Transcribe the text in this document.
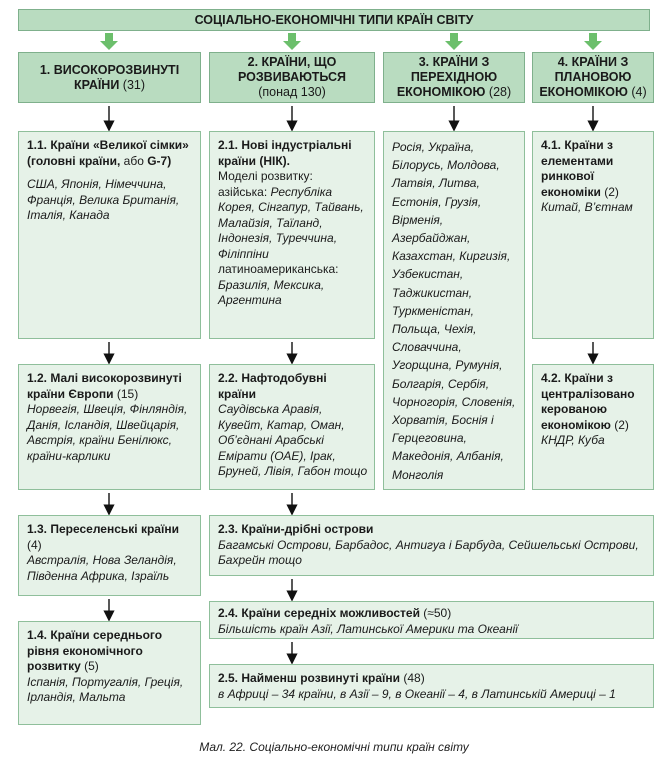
СОЦІАЛЬНО-ЕКОНОМІЧНІ ТИПИ КРАЇН СВІТУ
1. ВИСОКОРОЗВИНУТІ КРАЇНИ (31)
2. КРАЇНИ, ЩО РОЗВИВАЮТЬСЯ
(понад 130)
3. КРАЇНИ З ПЕРЕХІДНОЮ ЕКОНОМІКОЮ (28)
4. КРАЇНИ З ПЛАНОВОЮ ЕКОНОМІКОЮ (4)
1.1. Країни «Великої сімки» (головні країни, або G-7)
США, Японія, Німеччина, Франція, Велика Британія, Італія, Канада
1.2. Малі високорозвинуті країни Європи (15)
Норвегія, Швеція, Фінляндія, Данія, Ісландія, Швейцарія, Австрія, країни Бенілюкс, країни-карлики
1.3. Переселенські країни (4)
Австралія, Нова Зеландія, Південна Африка, Ізраїль
1.4. Країни середнього рівня економічного розвитку (5)
Іспанія, Португалія, Греція, Ірландія, Мальта
2.1. Нові індустріальні країни (НІК).
Моделі розвитку:
азійська: Республіка Корея, Сінгапур, Тайвань, Малайзія, Таїланд, Індонезія, Туреччина, Філіппіни
латиноамериканська:
Бразилія, Мексика, Аргентина
2.2. Нафтодобувні країни
Саудівська Аравія, Кувейт, Катар, Оман, Об’єднані Арабські Емірати (ОАЕ), Ірак, Бруней, Лівія, Габон тощо
2.3. Країни-дрібні острови
Багамські Острови, Барбадос, Антигуа і Барбуда, Сейшельські Острови, Бахрейн тощо
2.4. Країни середніх можливостей (≈50)
Більшість країн Азії, Латинської Америки та Океанії
2.5. Найменш розвинуті країни (48)
в Африці – 34 країни, в Азії – 9, в Океанії – 4, в Латинській Америці – 1
Росія, Україна, Білорусь, Молдова, Латвія, Литва, Естонія, Грузія, Вірменія, Азербайджан, Казахстан, Киргизія, Узбекистан, Таджикистан, Туркменістан, Польща, Чехія, Словаччина, Угорщина, Румунія, Болгарія, Сербія, Чорногорія, Словенія, Хорватія, Боснія і Герцеговина, Македонія, Албанія, Монголія
4.1. Країни з елементами ринкової економіки (2)
Китай, В’єтнам
4.2. Країни з централізовано керованою економікою (2)
КНДР, Куба
Мал. 22. Соціально-економічні типи країн світу
